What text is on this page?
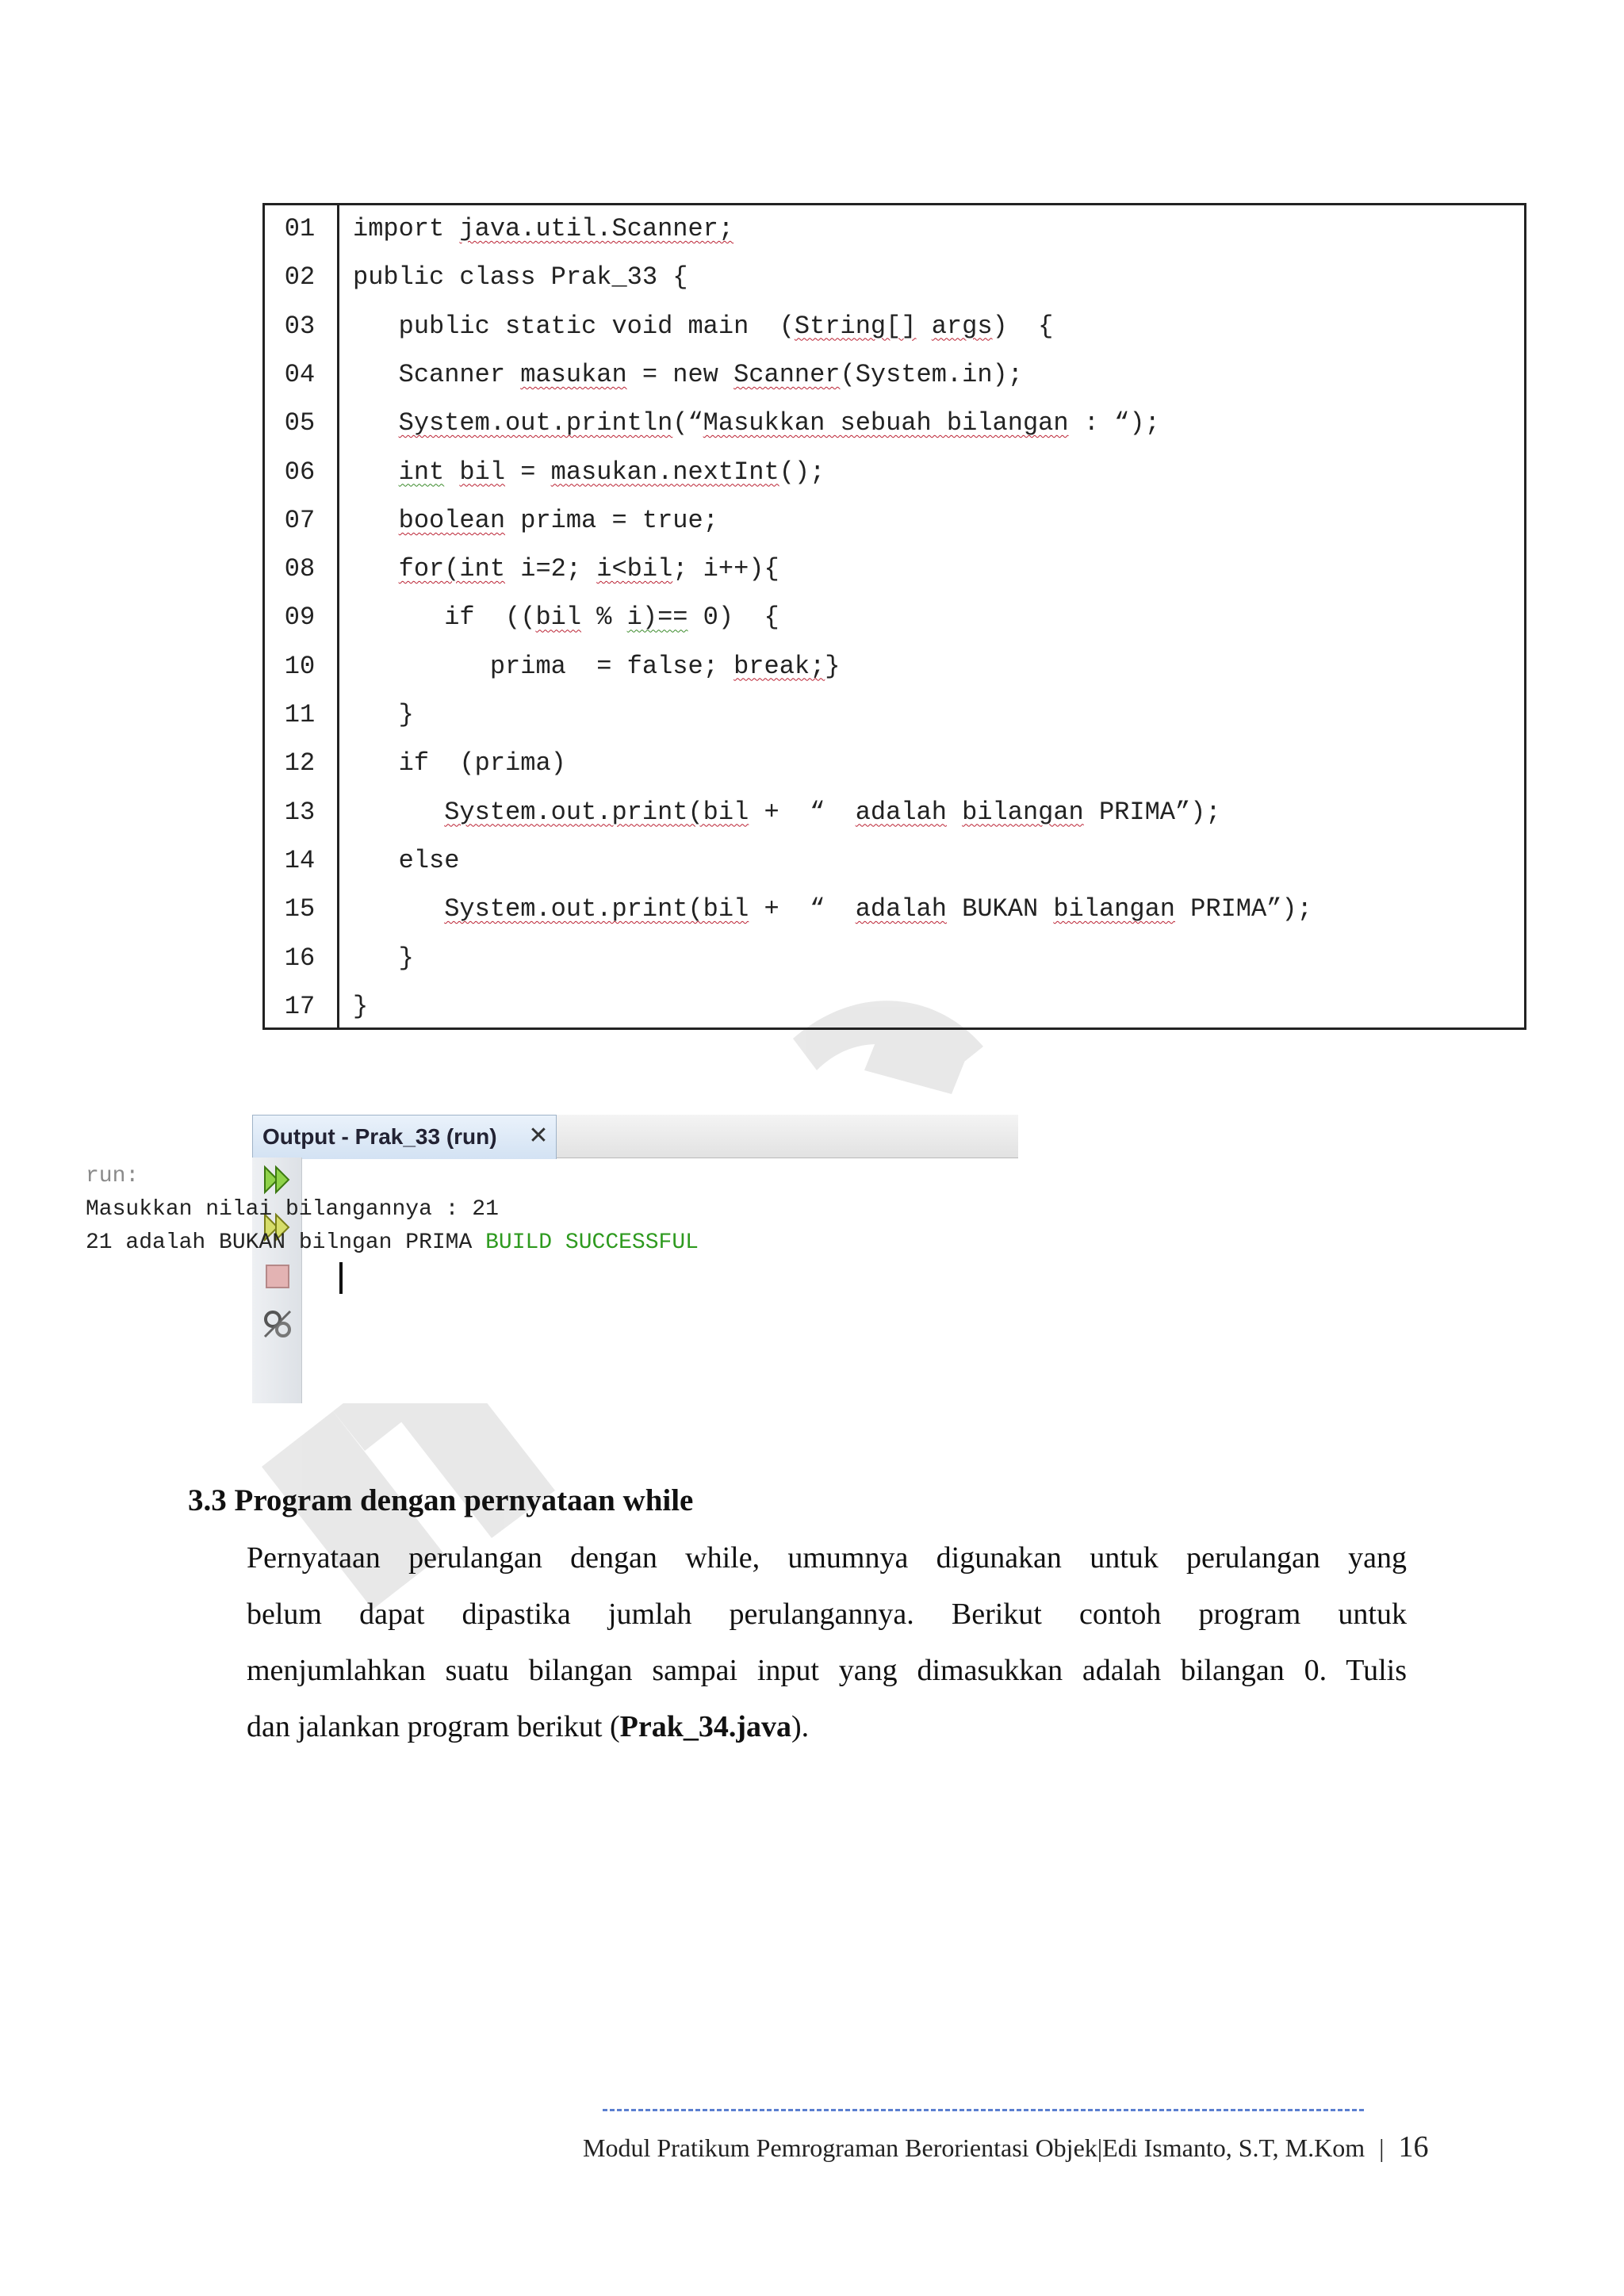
01	import java.util.Scanner;
02	public class Prak_33 {
03	public static void main  (String[] args)  {
04	Scanner masukan = new Scanner(System.in);
05	System.out.println(“Masukkan sebuah bilangan : “);
06	int bil = masukan.nextInt();
07	boolean prima = true;
08	for(int i=2; i<bil; i++){
09	if  ((bil % i)== 0)  {
10	prima  = false; break;}
11	}
12	if  (prima)
13	System.out.print(bil +  “  adalah bilangan PRIMA”);
14	else
15	System.out.print(bil +  “  adalah BUKAN bilangan PRIMA”);
16	}
17	}
Output - Prak_33 (run)	✕
run:
Masukkan nilai bilangannya : 21
21 adalah BUKAN bilngan PRIMA BUILD SUCCESSFUL
3.3 Program dengan pernyataan while
Pernyataan perulangan dengan while, umumnya digunakan untuk perulangan yang
belum dapat dipastika jumlah perulangannya. Berikut contoh program untuk
menjumlahkan suatu bilangan sampai input yang dimasukkan adalah bilangan 0. Tulis
dan jalankan program berikut (Prak_34.java).
Modul Pratikum Pemrograman Berorientasi Objek|Edi Ismanto, S.T, M.Kom | 16
